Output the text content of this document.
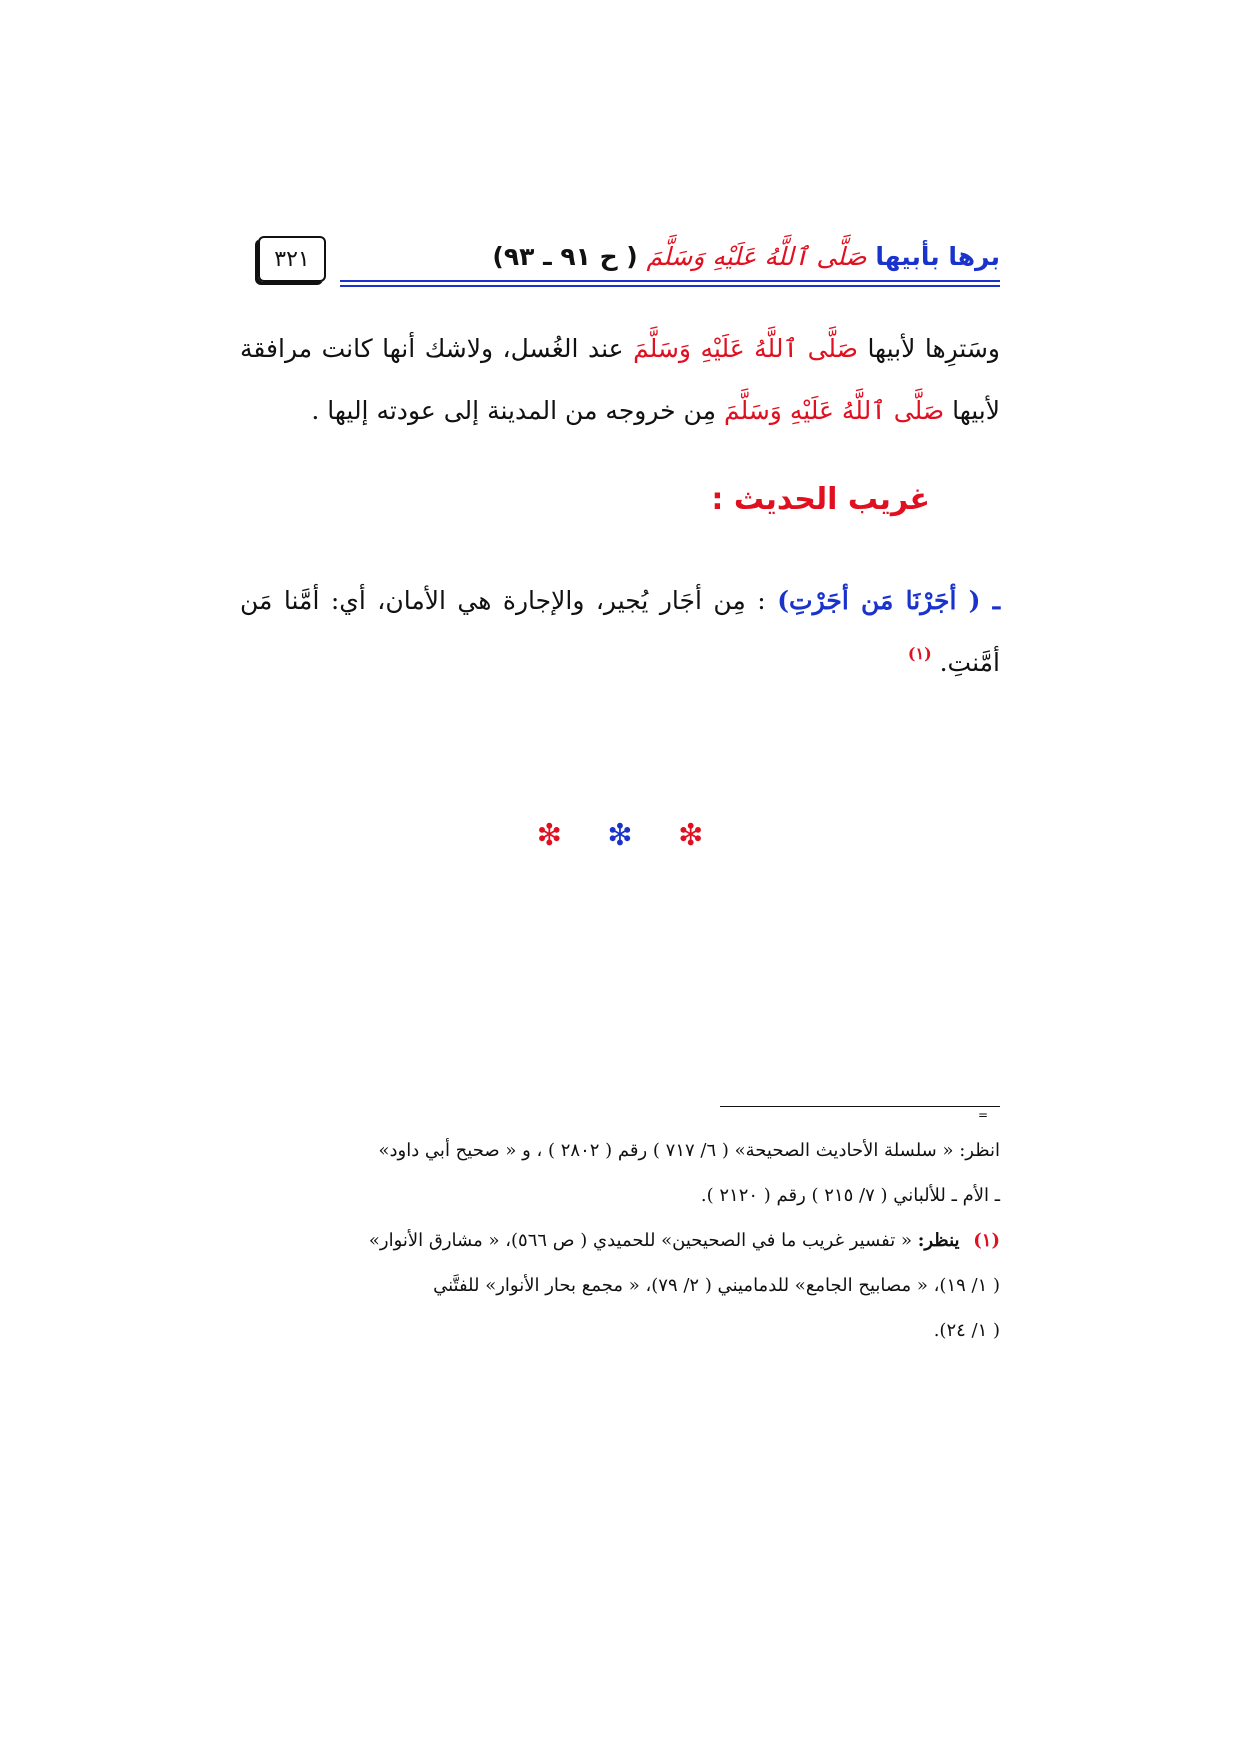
٣٢١	برها بأبيها صَلَّى ٱللَّهُ عَلَيْهِ وَسَلَّمَ ( ح ٩١ ـ ٩٣)
وسَترِها لأبيها صَلَّى ٱللَّهُ عَلَيْهِ وَسَلَّمَ عند الغُسل، ولاشك أنها كانت مرافقة لأبيها صَلَّى ٱللَّهُ عَلَيْهِ وَسَلَّمَ مِن خروجه من المدينة إلى عودته إليها .
غريب الحديث :
ـ ( أجَرْنَا مَن أجَرْتِ) : مِن أجَار يُجير، والإجارة هي الأمان، أي: أمَّنا مَن أمَّنتِ. $^{(١)}$
❇ ❇ ❇
=
انظر: « سلسلة الأحاديث الصحيحة» ( ٦/ ٧١٧ ) رقم ( ٢٨٠٢ ) ، و « صحيح أبي داود»
ـ الأم ـ للألباني ( ٧/ ٢١٥ ) رقم ( ٢١٢٠ ).
(١) ينظر: « تفسير غريب ما في الصحيحين» للحميدي ( ص ٥٦٦)، « مشارق الأنوار»
( ١/ ١٩)، « مصابيح الجامع» للدماميني ( ٢/ ٧٩)، « مجمع بحار الأنوار» للفتَّني
( ١/ ٢٤).
